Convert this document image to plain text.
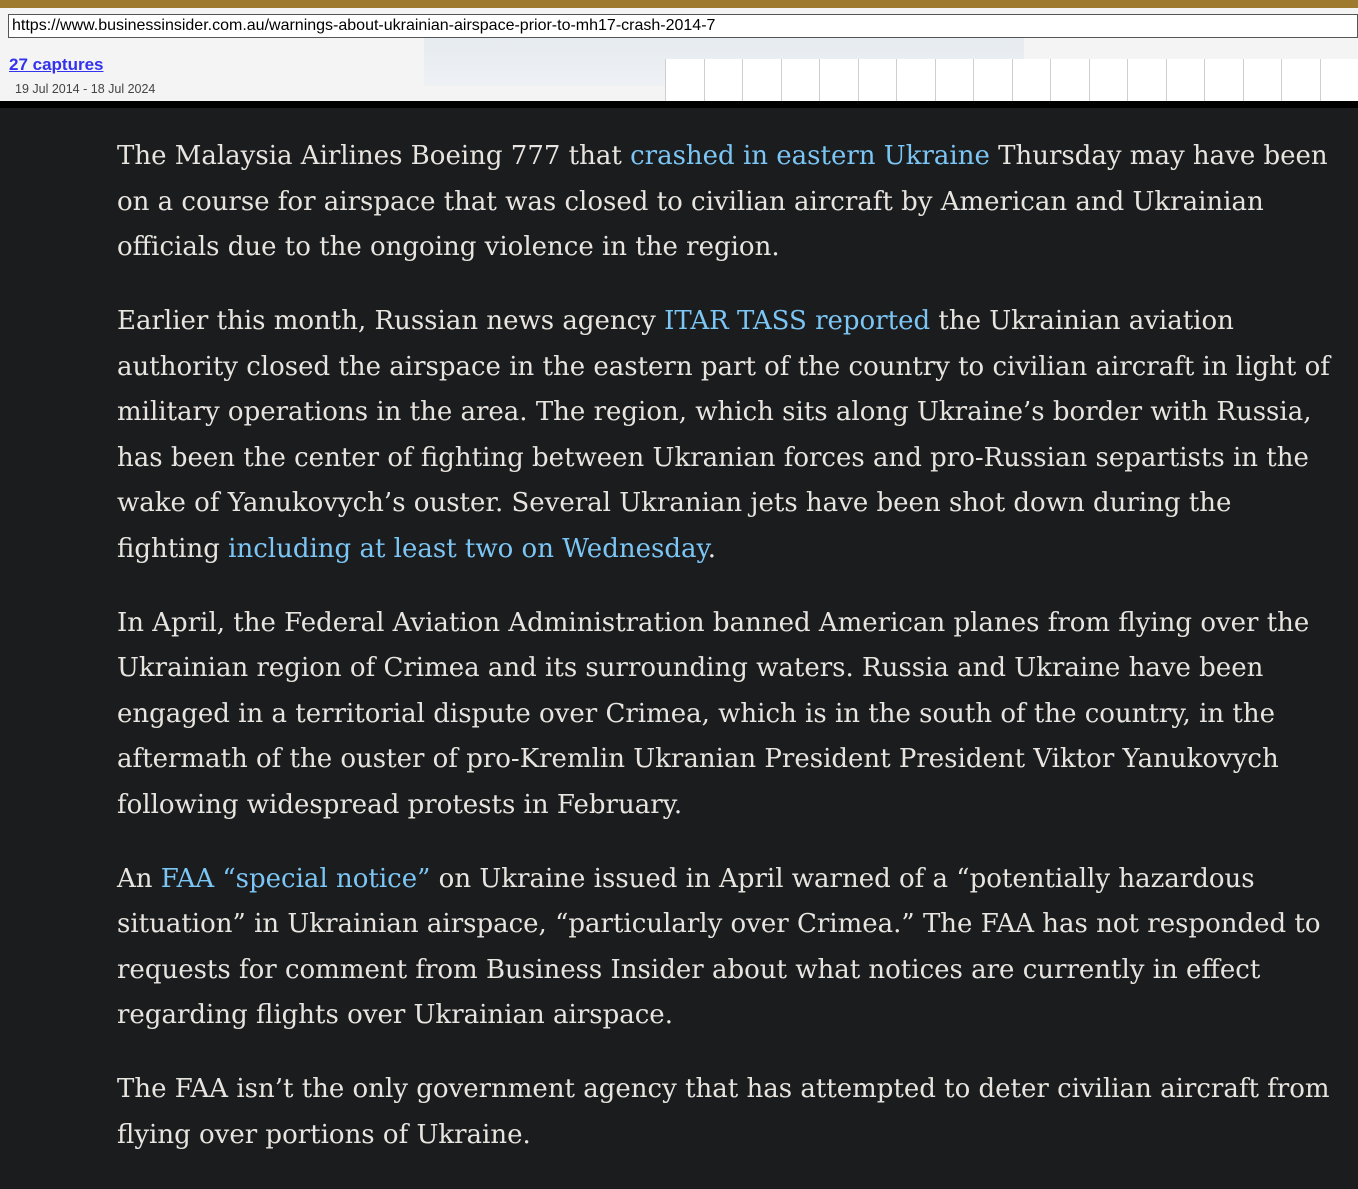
https://www.businessinsider.com.au/warnings-about-ukrainian-airspace-prior-to-mh17-crash-2014-7
27 captures
19 Jul 2014 - 18 Jul 2024

The Malaysia Airlines Boeing 777 that crashed in eastern Ukraine Thursday may have been on a course for airspace that was closed to civilian aircraft by American and Ukrainian officials due to the ongoing violence in the region.

Earlier this month, Russian news agency ITAR TASS reported the Ukrainian aviation authority closed the airspace in the eastern part of the country to civilian aircraft in light of military operations in the area. The region, which sits along Ukraine’s border with Russia, has been the center of fighting between Ukranian forces and pro-Russian separtists in the wake of Yanukovych’s ouster. Several Ukranian jets have been shot down during the fighting including at least two on Wednesday.

In April, the Federal Aviation Administration banned American planes from flying over the Ukrainian region of Crimea and its surrounding waters. Russia and Ukraine have been engaged in a territorial dispute over Crimea, which is in the south of the country, in the aftermath of the ouster of pro-Kremlin Ukranian President President Viktor Yanukovych following widespread protests in February.

An FAA “special notice” on Ukraine issued in April warned of a “potentially hazardous situation” in Ukrainian airspace, “particularly over Crimea.” The FAA has not responded to requests for comment from Business Insider about what notices are currently in effect regarding flights over Ukrainian airspace.

The FAA isn’t the only government agency that has attempted to deter civilian aircraft from flying over portions of Ukraine.
